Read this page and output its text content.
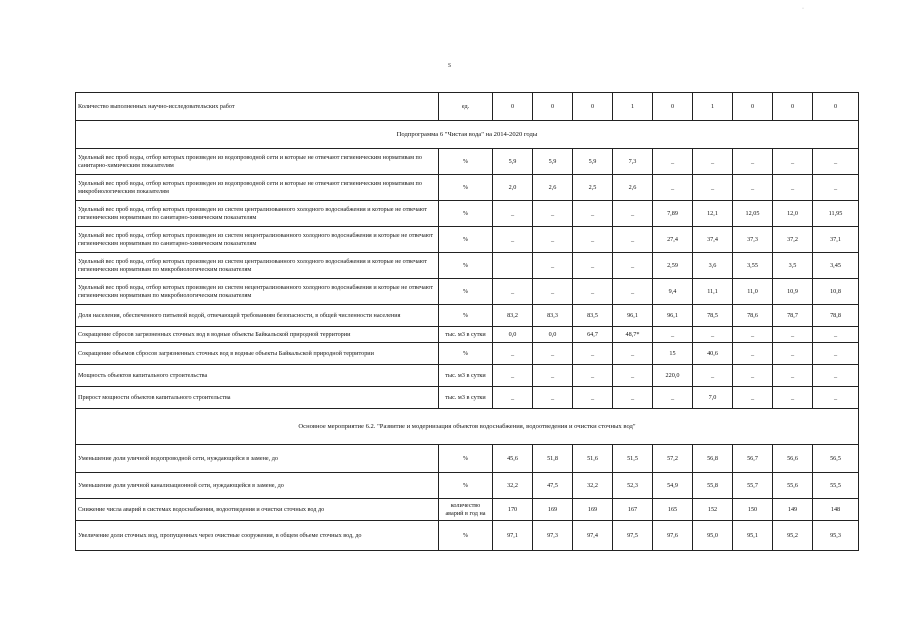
·
s
Количество выполненных научно-исследовательских работ	ед.	0	0	0	1	0	1	0	0	0
Подпрограмма 6 "Чистая вода" на 2014-2020 годы										
Удельный вес проб воды, отбор которых произведен из водопроводной сети и которые не отвечают гигиеническим нормативам по санитарно-химическим показателям	%	5,9	5,9	5,9	7,3	_	_	_	_	_
Удельный вес проб воды, отбор которых произведен из водопроводной сети и которые не отвечают гигиеническим нормативам по микробиологическим показателям	%	2,0	2,6	2,5	2,6	_	_	_	_	_
Удельный вес проб воды, отбор которых произведен из систем централизованного холодного водоснабжения и которые не отвечают гигиеническим нормативам по санитарно-химическим показателям	%	_	_	_	_	7,89	12,1	12,05	12,0	11,95
Удельный вес проб воды, отбор которых произведен из систем нецентрализованного холодного водоснабжения и которые не отвечают гигиеническим нормативам по санитарно-химическим показателям	%	_	_	_	_	27,4	37,4	37,3	37,2	37,1
Удельный вес проб воды, отбор которых произведен из систем централизованного холодного водоснабжения и которые не отвечают гигиеническим нормативам по микробиологическим показателям	%		_	_	_	2,59	3,6	3,55	3,5	3,45
Удельный вес проб воды, отбор которых произведен из систем нецентрализованного холодного водоснабжения и которые не отвечают гигиеническим нормативам по микробиологическим показателям	%	_	_	_	_	9,4	11,1	11,0	10,9	10,8
Доля населения, обеспеченного питьевой водой, отвечающей требованиям безопасности, в общей численности населения	%	83,2	83,3	83,5	96,1	96,1	78,5	78,6	78,7	78,8
Сокращение сбросов загрязненных сточных вод в водные объекты Байкальской природной территории	тыс. м3 в сутки	0,0	0,0	64,7	48,7*	_	_	_	_	_
Сокращение объемов сбросов загрязненных сточных вод в водные объекты Байкальской природной территории	%	_	_	_	_	15	40,6	_	_	_
Мощность объектов капитального строительства	тыс. м3 в сутки	_	_	_	_	220,0	_	_	_	_
Прирост мощности объектов капитального строительства	тыс. м3 в сутки	_	_	_	_	_	7,0	_	_	_
Основное мероприятие 6.2. "Развитие и модернизация объектов водоснабжения, водоотведения и очистки сточных вод"										
Уменьшение доли уличной водопроводной сети, нуждающейся в замене, до	%	45,6	51,8	51,6	51,5	57,2	56,8	56,7	56,6	56,5
Уменьшение доли уличной канализационной сети, нуждающейся в замене, до	%	32,2	47,5	32,2	52,3	54,9	55,8	55,7	55,6	55,5
Снижение числа аварий в системах водоснабжения, водоотведения и очистки сточных вод до	количество аварий в год на	170	169	169	167	165	152	150	149	148
Увеличение доли сточных вод, пропущенных через очистные сооружения, в общем объеме сточных вод, до	%	97,1	97,3	97,4	97,5	97,6	95,0	95,1	95,2	95,3
